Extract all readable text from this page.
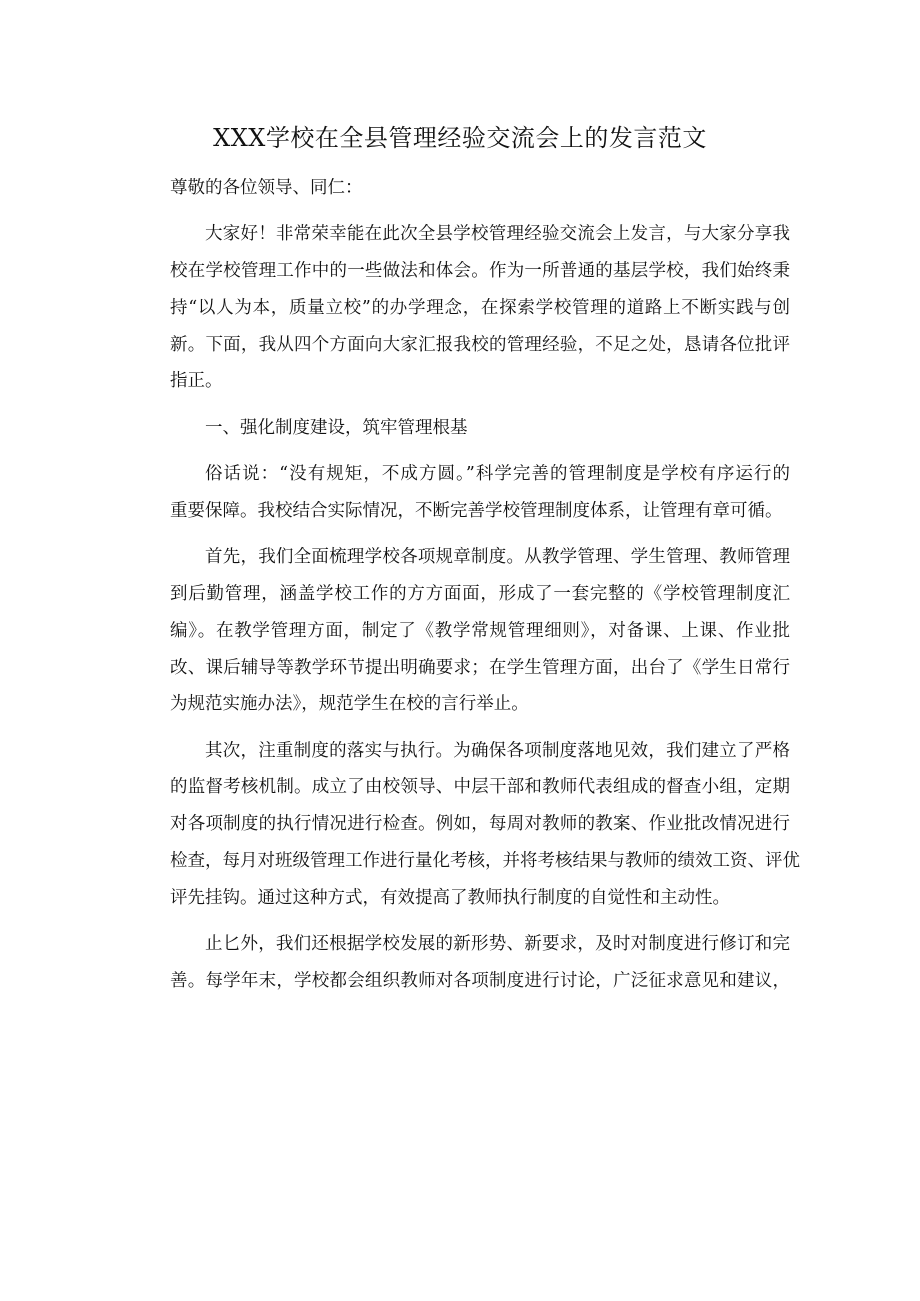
XXX学校在全县管理经验交流会上的发言范文

尊敬的各位领导、同仁：

大家好！非常荣幸能在此次全县学校管理经验交流会上发言，与大家分享我
校在学校管理工作中的一些做法和体会。作为一所普通的基层学校，我们始终秉
持“以人为本，质量立校”的办学理念，在探索学校管理的道路上不断实践与创
新。下面，我从四个方面向大家汇报我校的管理经验，不足之处，恳请各位批评
指正。

一、强化制度建设，筑牢管理根基

俗话说：“没有规矩，不成方圆。”科学完善的管理制度是学校有序运行的
重要保障。我校结合实际情况，不断完善学校管理制度体系，让管理有章可循。

首先，我们全面梳理学校各项规章制度。从教学管理、学生管理、教师管理
到后勤管理，涵盖学校工作的方方面面，形成了一套完整的《学校管理制度汇
编》。在教学管理方面，制定了《教学常规管理细则》，对备课、上课、作业批
改、课后辅导等教学环节提出明确要求；在学生管理方面，出台了《学生日常行
为规范实施办法》，规范学生在校的言行举止。

其次，注重制度的落实与执行。为确保各项制度落地见效，我们建立了严格
的监督考核机制。成立了由校领导、中层干部和教师代表组成的督查小组，定期
对各项制度的执行情况进行检查。例如，每周对教师的教案、作业批改情况进行
检查，每月对班级管理工作进行量化考核，并将考核结果与教师的绩效工资、评优
评先挂钩。通过这种方式，有效提高了教师执行制度的自觉性和主动性。

止匕外，我们还根据学校发展的新形势、新要求，及时对制度进行修订和完
善。每学年末，学校都会组织教师对各项制度进行讨论，广泛征求意见和建议，
